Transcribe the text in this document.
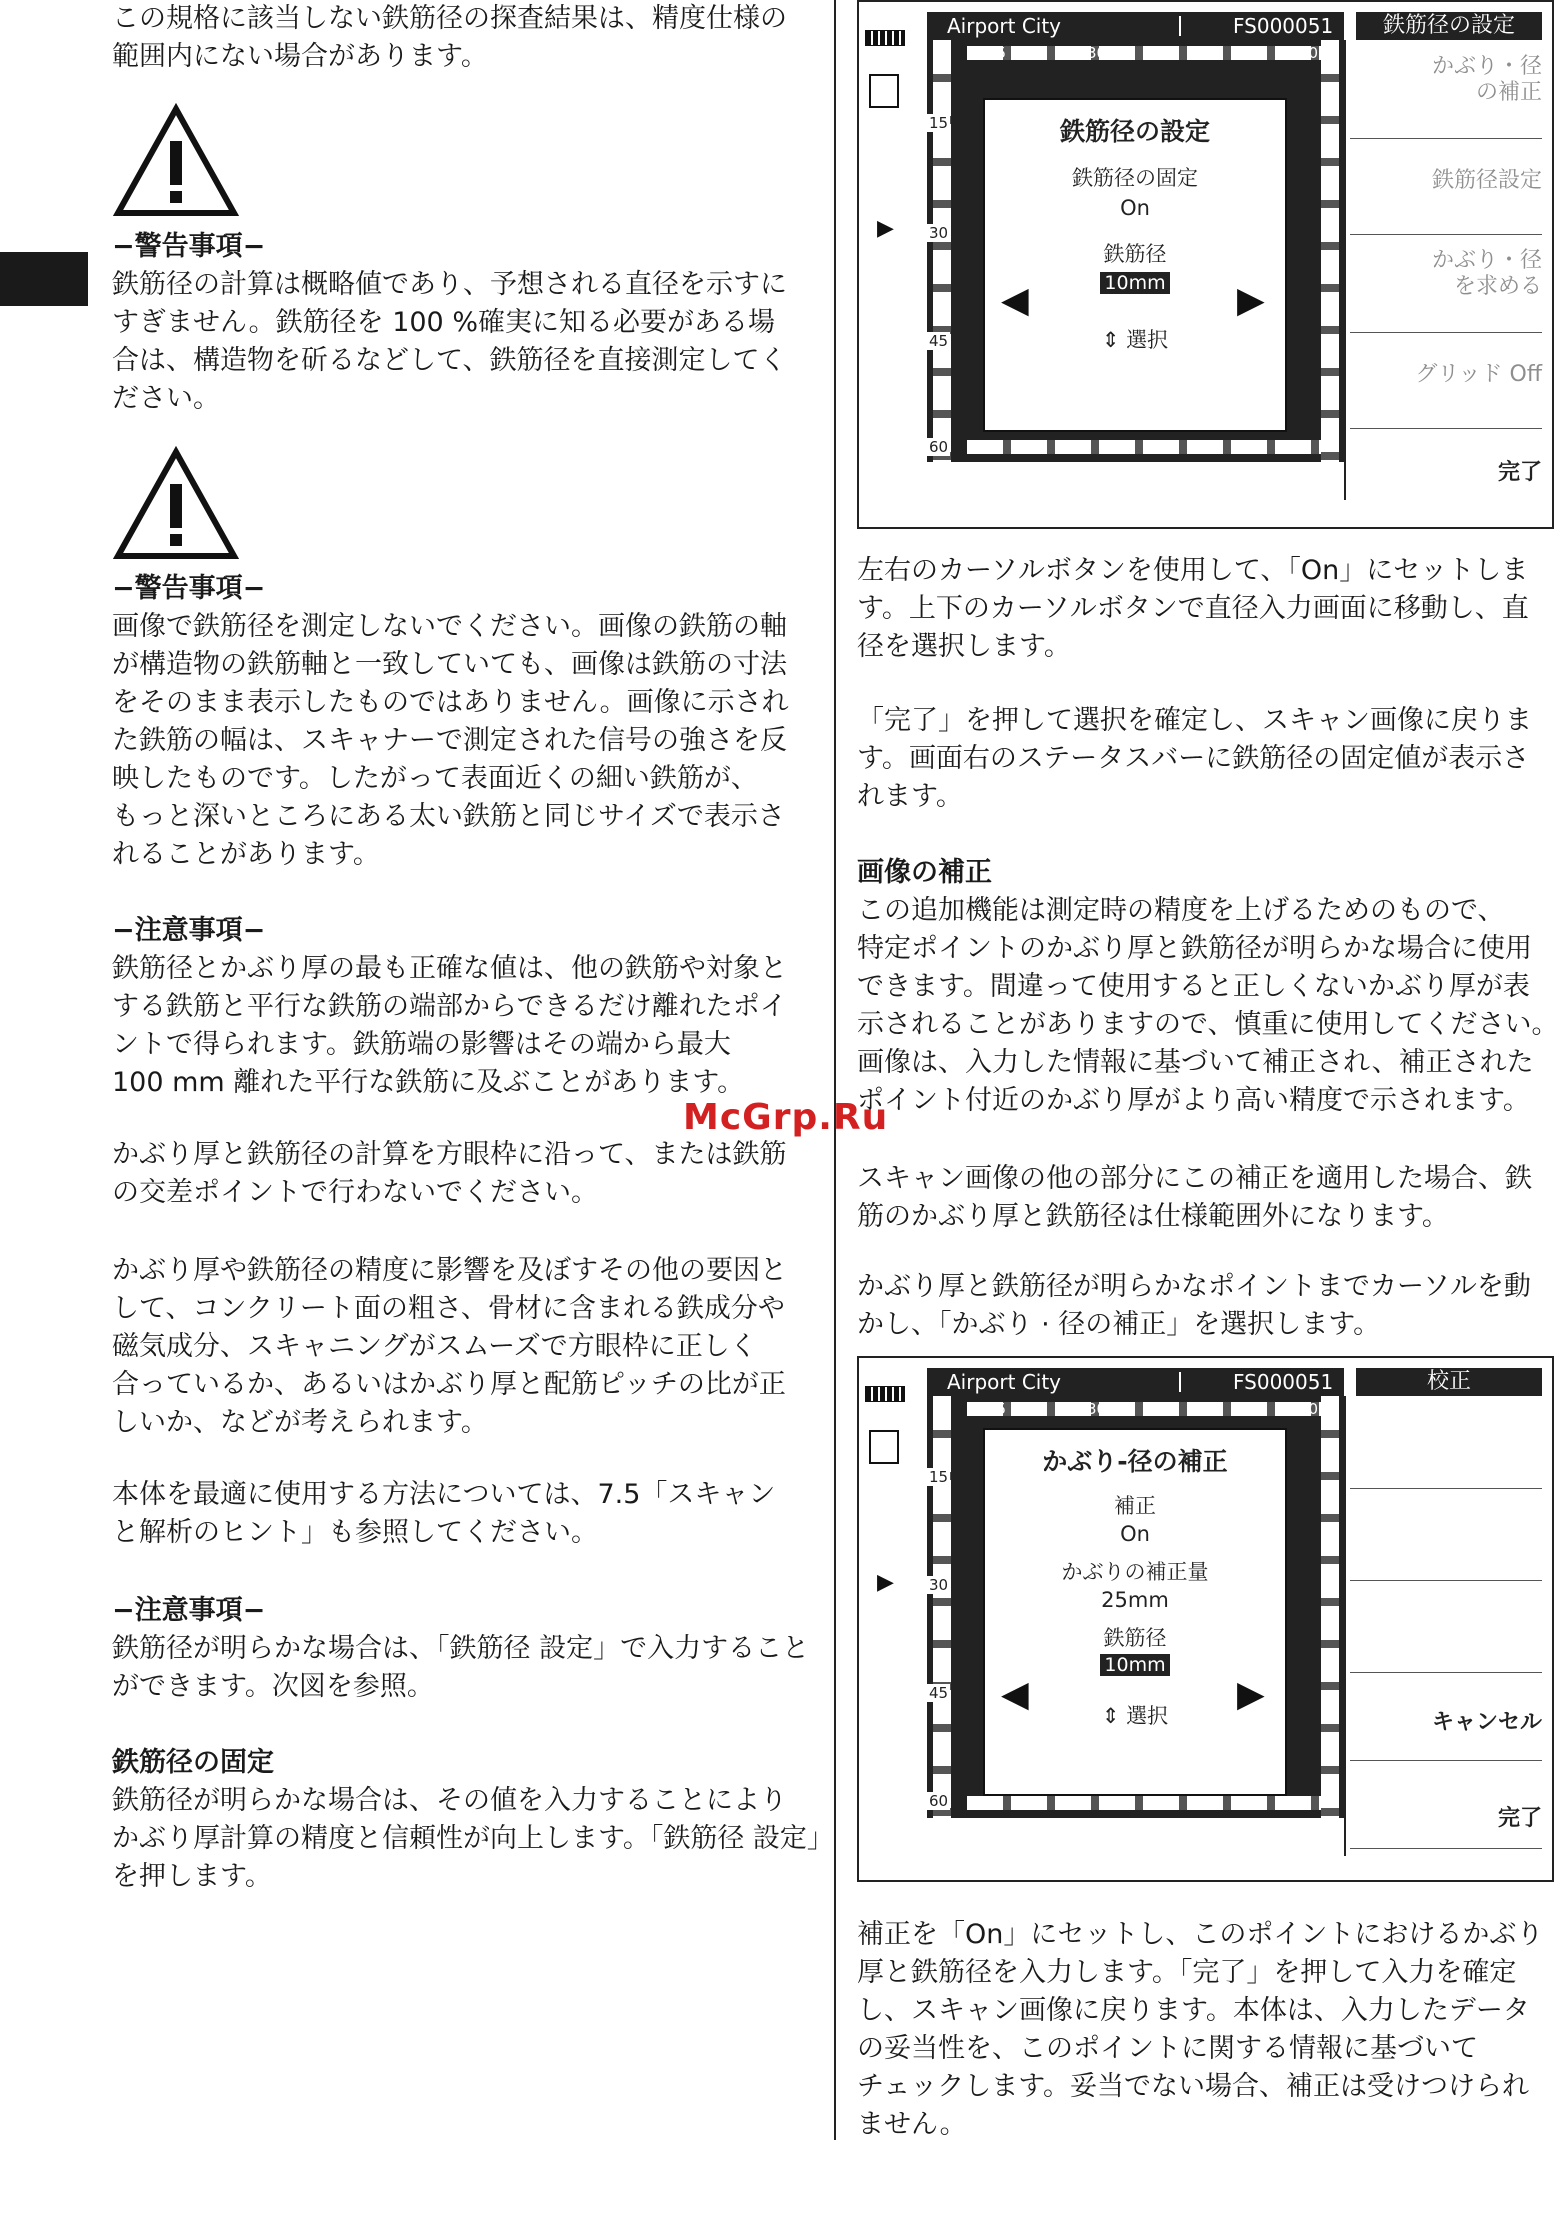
この規格に該当しない鉄筋径の探査結果は、精度仕様の
範囲内にない場合があります。

−警告事項−
鉄筋径の計算は概略値であり、予想される直径を示すに
すぎません。鉄筋径を 100 %確実に知る必要がある場
合は、構造物を斫るなどして、鉄筋径を直接測定してく
ださい。

−警告事項−
画像で鉄筋径を測定しないでください。画像の鉄筋の軸
が構造物の鉄筋軸と一致していても、画像は鉄筋の寸法
をそのまま表示したものではありません。画像に示され
た鉄筋の幅は、スキャナーで測定された信号の強さを反
映したものです。したがって表面近くの細い鉄筋が、
もっと深いところにある太い鉄筋と同じサイズで表示さ
れることがあります。

−注意事項−
鉄筋径とかぶり厚の最も正確な値は、他の鉄筋や対象と
する鉄筋と平行な鉄筋の端部からできるだけ離れたポイ
ントで得られます。鉄筋端の影響はその端から最大
100 mm 離れた平行な鉄筋に及ぶことがあります。

かぶり厚と鉄筋径の計算を方眼枠に沿って、または鉄筋
の交差ポイントで行わないでください。

かぶり厚や鉄筋径の精度に影響を及ぼすその他の要因と
して、コンクリート面の粗さ、骨材に含まれる鉄成分や
磁気成分、スキャニングがスムーズで方眼枠に正しく
合っているか、あるいはかぶり厚と配筋ピッチの比が正
しいか、などが考えられます。

本体を最適に使用する方法については、7.5「スキャン
と解析のヒント」も参照してください。

−注意事項−
鉄筋径が明らかな場合は、「鉄筋径 設定」で入力すること
ができます。次図を参照。

鉄筋径の固定
鉄筋径が明らかな場合は、その値を入力することにより
かぶり厚計算の精度と信頼性が向上します。「鉄筋径 設定」
を押します。

▶
Airport City	FS000051	鉄筋径の設定
15	30	45	60
15
30
45
60
鉄筋径の設定
鉄筋径の固定
On
鉄筋径
10mm
⇕ 選択
◀	▶
かぶり・径
の補正
鉄筋径設定
かぶり・径
を求める
グリッド Off
完了

左右のカーソルボタンを使用して、「On」にセットしま
す。上下のカーソルボタンで直径入力画面に移動し、直
径を選択します。

「完了」を押して選択を確定し、スキャン画像に戻りま
す。画面右のステータスバーに鉄筋径の固定値が表示さ
れます。

画像の補正
この追加機能は測定時の精度を上げるためのもので、
特定ポイントのかぶり厚と鉄筋径が明らかな場合に使用
できます。間違って使用すると正しくないかぶり厚が表
示されることがありますので、慎重に使用してください。
画像は、入力した情報に基づいて補正され、補正された
ポイント付近のかぶり厚がより高い精度で示されます。

スキャン画像の他の部分にこの補正を適用した場合、鉄
筋のかぶり厚と鉄筋径は仕様範囲外になります。

かぶり厚と鉄筋径が明らかなポイントまでカーソルを動
かし、「かぶり · 径の補正」を選択します。

▶
Airport City	FS000051	校正
15	30	45	60
15
30
45
60
かぶり-径の補正
補正
On
かぶりの補正量
25mm
鉄筋径
10mm
⇕ 選択
◀	▶
キャンセル
完了

補正を「On」にセットし、このポイントにおけるかぶり
厚と鉄筋径を入力します。「完了」を押して入力を確定
し、スキャン画像に戻ります。本体は、入力したデータ
の妥当性を、このポイントに関する情報に基づいて
チェックします。妥当でない場合、補正は受けつけられ
ません。

McGrp.Ru
